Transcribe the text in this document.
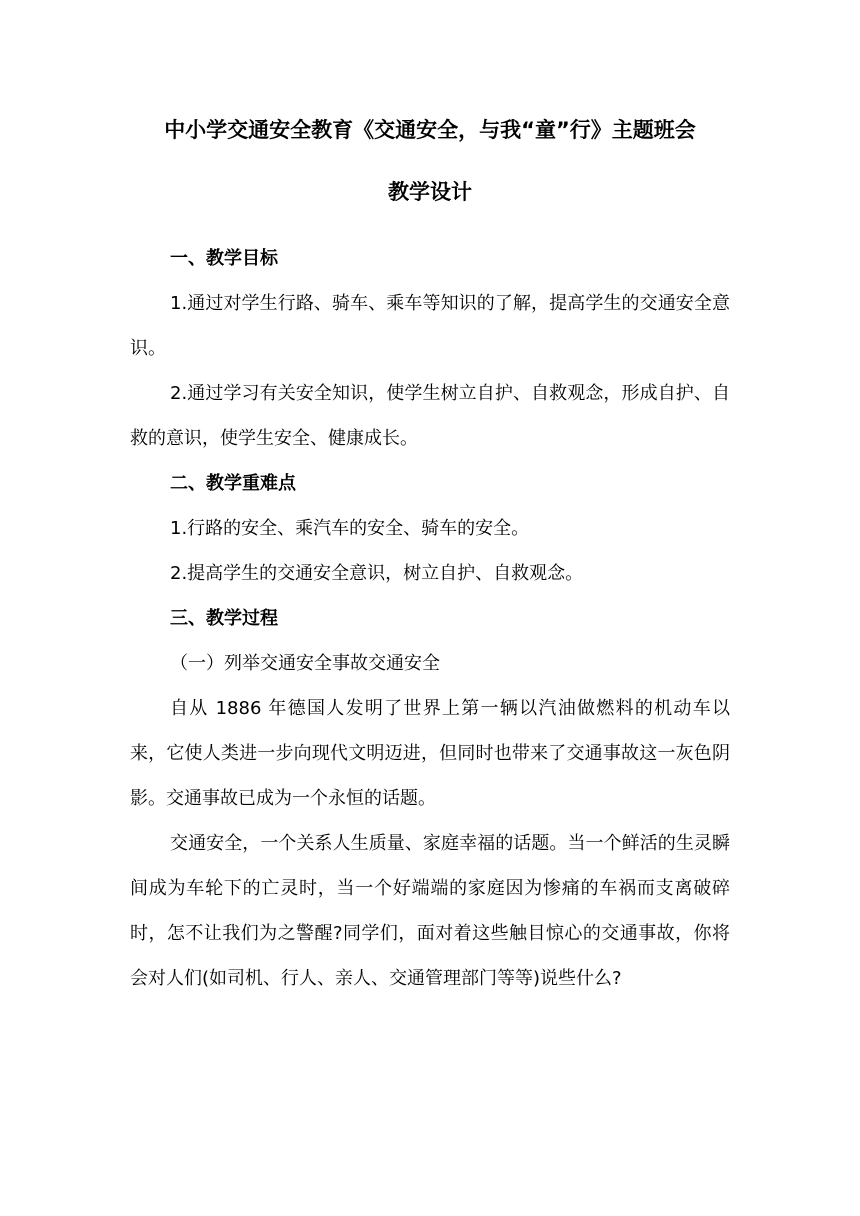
中小学交通安全教育《交通安全，与我“童”行》主题班会
教学设计
一、教学目标

1.通过对学生行路、骑车、乘车等知识的了解，提高学生的交通安全意识。

2.通过学习有关安全知识，使学生树立自护、自救观念，形成自护、自救的意识，使学生安全、健康成长。

二、教学重难点

1.行路的安全、乘汽车的安全、骑车的安全。

2.提高学生的交通安全意识，树立自护、自救观念。

三、教学过程

（一）列举交通安全事故交通安全

自从 1886 年德国人发明了世界上第一辆以汽油做燃料的机动车以来，它使人类进一步向现代文明迈进，但同时也带来了交通事故这一灰色阴影。交通事故已成为一个永恒的话题。

交通安全，一个关系人生质量、家庭幸福的话题。当一个鲜活的生灵瞬间成为车轮下的亡灵时，当一个好端端的家庭因为惨痛的车祸而支离破碎时，怎不让我们为之警醒?同学们，面对着这些触目惊心的交通事故，你将会对人们(如司机、行人、亲人、交通管理部门等等)说些什么?
